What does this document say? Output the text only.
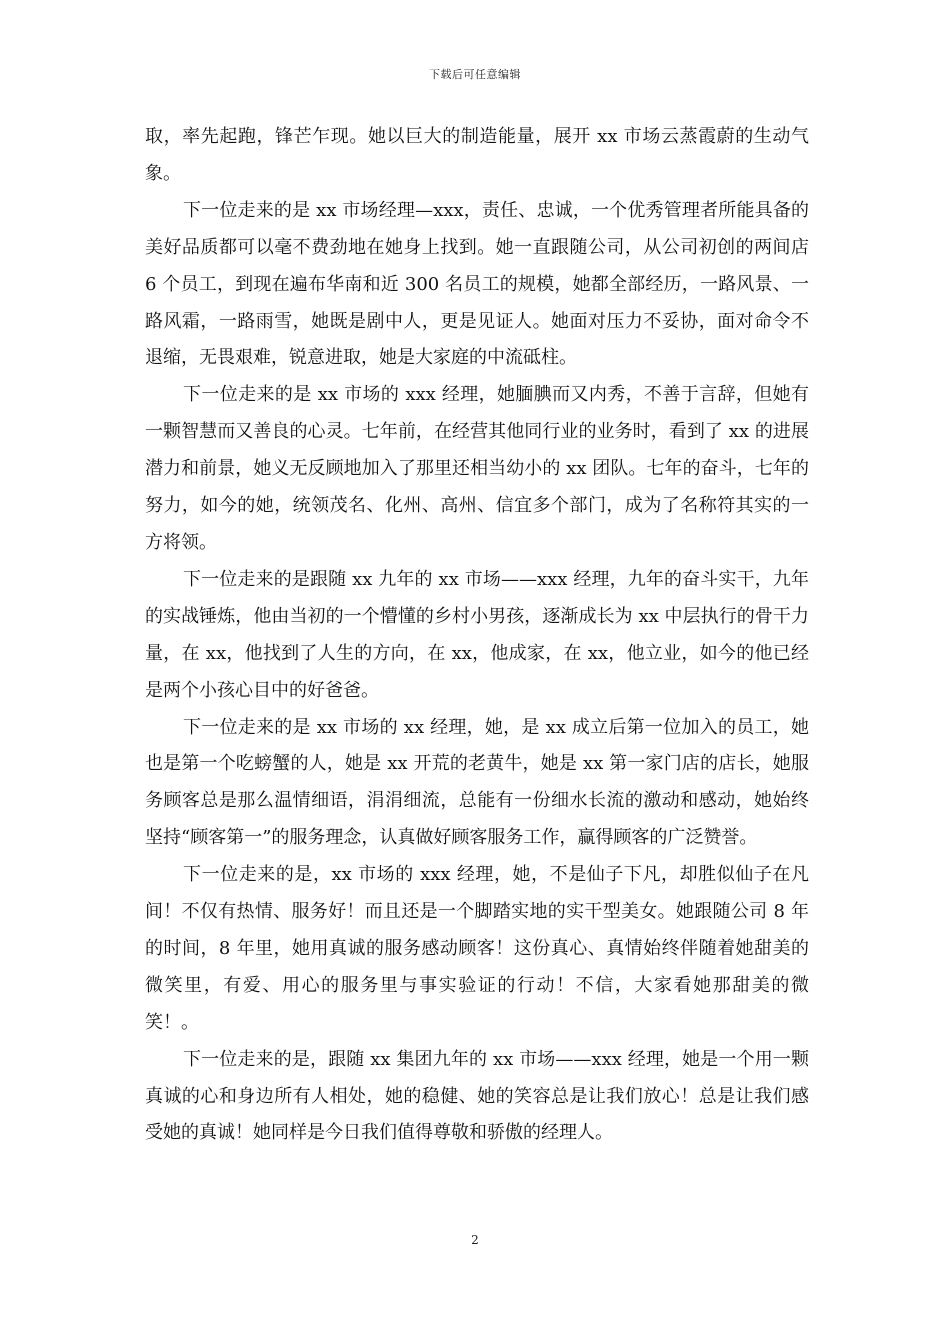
下载后可任意编辑

取，率先起跑，锋芒乍现。她以巨大的制造能量，展开 xx 市场云蒸霞蔚的生动气象。

下一位走来的是 xx 市场经理—xxx，责任、忠诚，一个优秀管理者所能具备的美好品质都可以毫不费劲地在她身上找到。她一直跟随公司，从公司初创的两间店 6 个员工，到现在遍布华南和近 300 名员工的规模，她都全部经历，一路风景、一路风霜，一路雨雪，她既是剧中人，更是见证人。她面对压力不妥协，面对命令不退缩，无畏艰难，锐意进取，她是大家庭的中流砥柱。

下一位走来的是 xx 市场的 xxx 经理，她腼腆而又内秀，不善于言辞，但她有一颗智慧而又善良的心灵。七年前，在经营其他同行业的业务时，看到了 xx 的进展潜力和前景，她义无反顾地加入了那里还相当幼小的 xx 团队。七年的奋斗，七年的努力，如今的她，统领茂名、化州、高州、信宜多个部门，成为了名称符其实的一方将领。

下一位走来的是跟随 xx 九年的 xx 市场——xxx 经理，九年的奋斗实干，九年的实战锤炼，他由当初的一个懵懂的乡村小男孩，逐渐成长为 xx 中层执行的骨干力量，在 xx，他找到了人生的方向，在 xx，他成家，在 xx，他立业，如今的他已经是两个小孩心目中的好爸爸。

下一位走来的是 xx 市场的 xx 经理，她，是 xx 成立后第一位加入的员工，她也是第一个吃螃蟹的人，她是 xx 开荒的老黄牛，她是 xx 第一家门店的店长，她服务顾客总是那么温情细语，涓涓细流，总能有一份细水长流的激动和感动，她始终坚持“顾客第一”的服务理念，认真做好顾客服务工作，赢得顾客的广泛赞誉。

下一位走来的是，xx 市场的 xxx 经理，她，不是仙子下凡，却胜似仙子在凡间！不仅有热情、服务好！而且还是一个脚踏实地的实干型美女。她跟随公司 8 年的时间，8 年里，她用真诚的服务感动顾客！这份真心、真情始终伴随着她甜美的微笑里，有爱、用心的服务里与事实验证的行动！不信，大家看她那甜美的微笑！。

下一位走来的是，跟随 xx 集团九年的 xx 市场——xxx 经理，她是一个用一颗真诚的心和身边所有人相处，她的稳健、她的笑容总是让我们放心！总是让我们感受她的真诚！她同样是今日我们值得尊敬和骄傲的经理人。

2
